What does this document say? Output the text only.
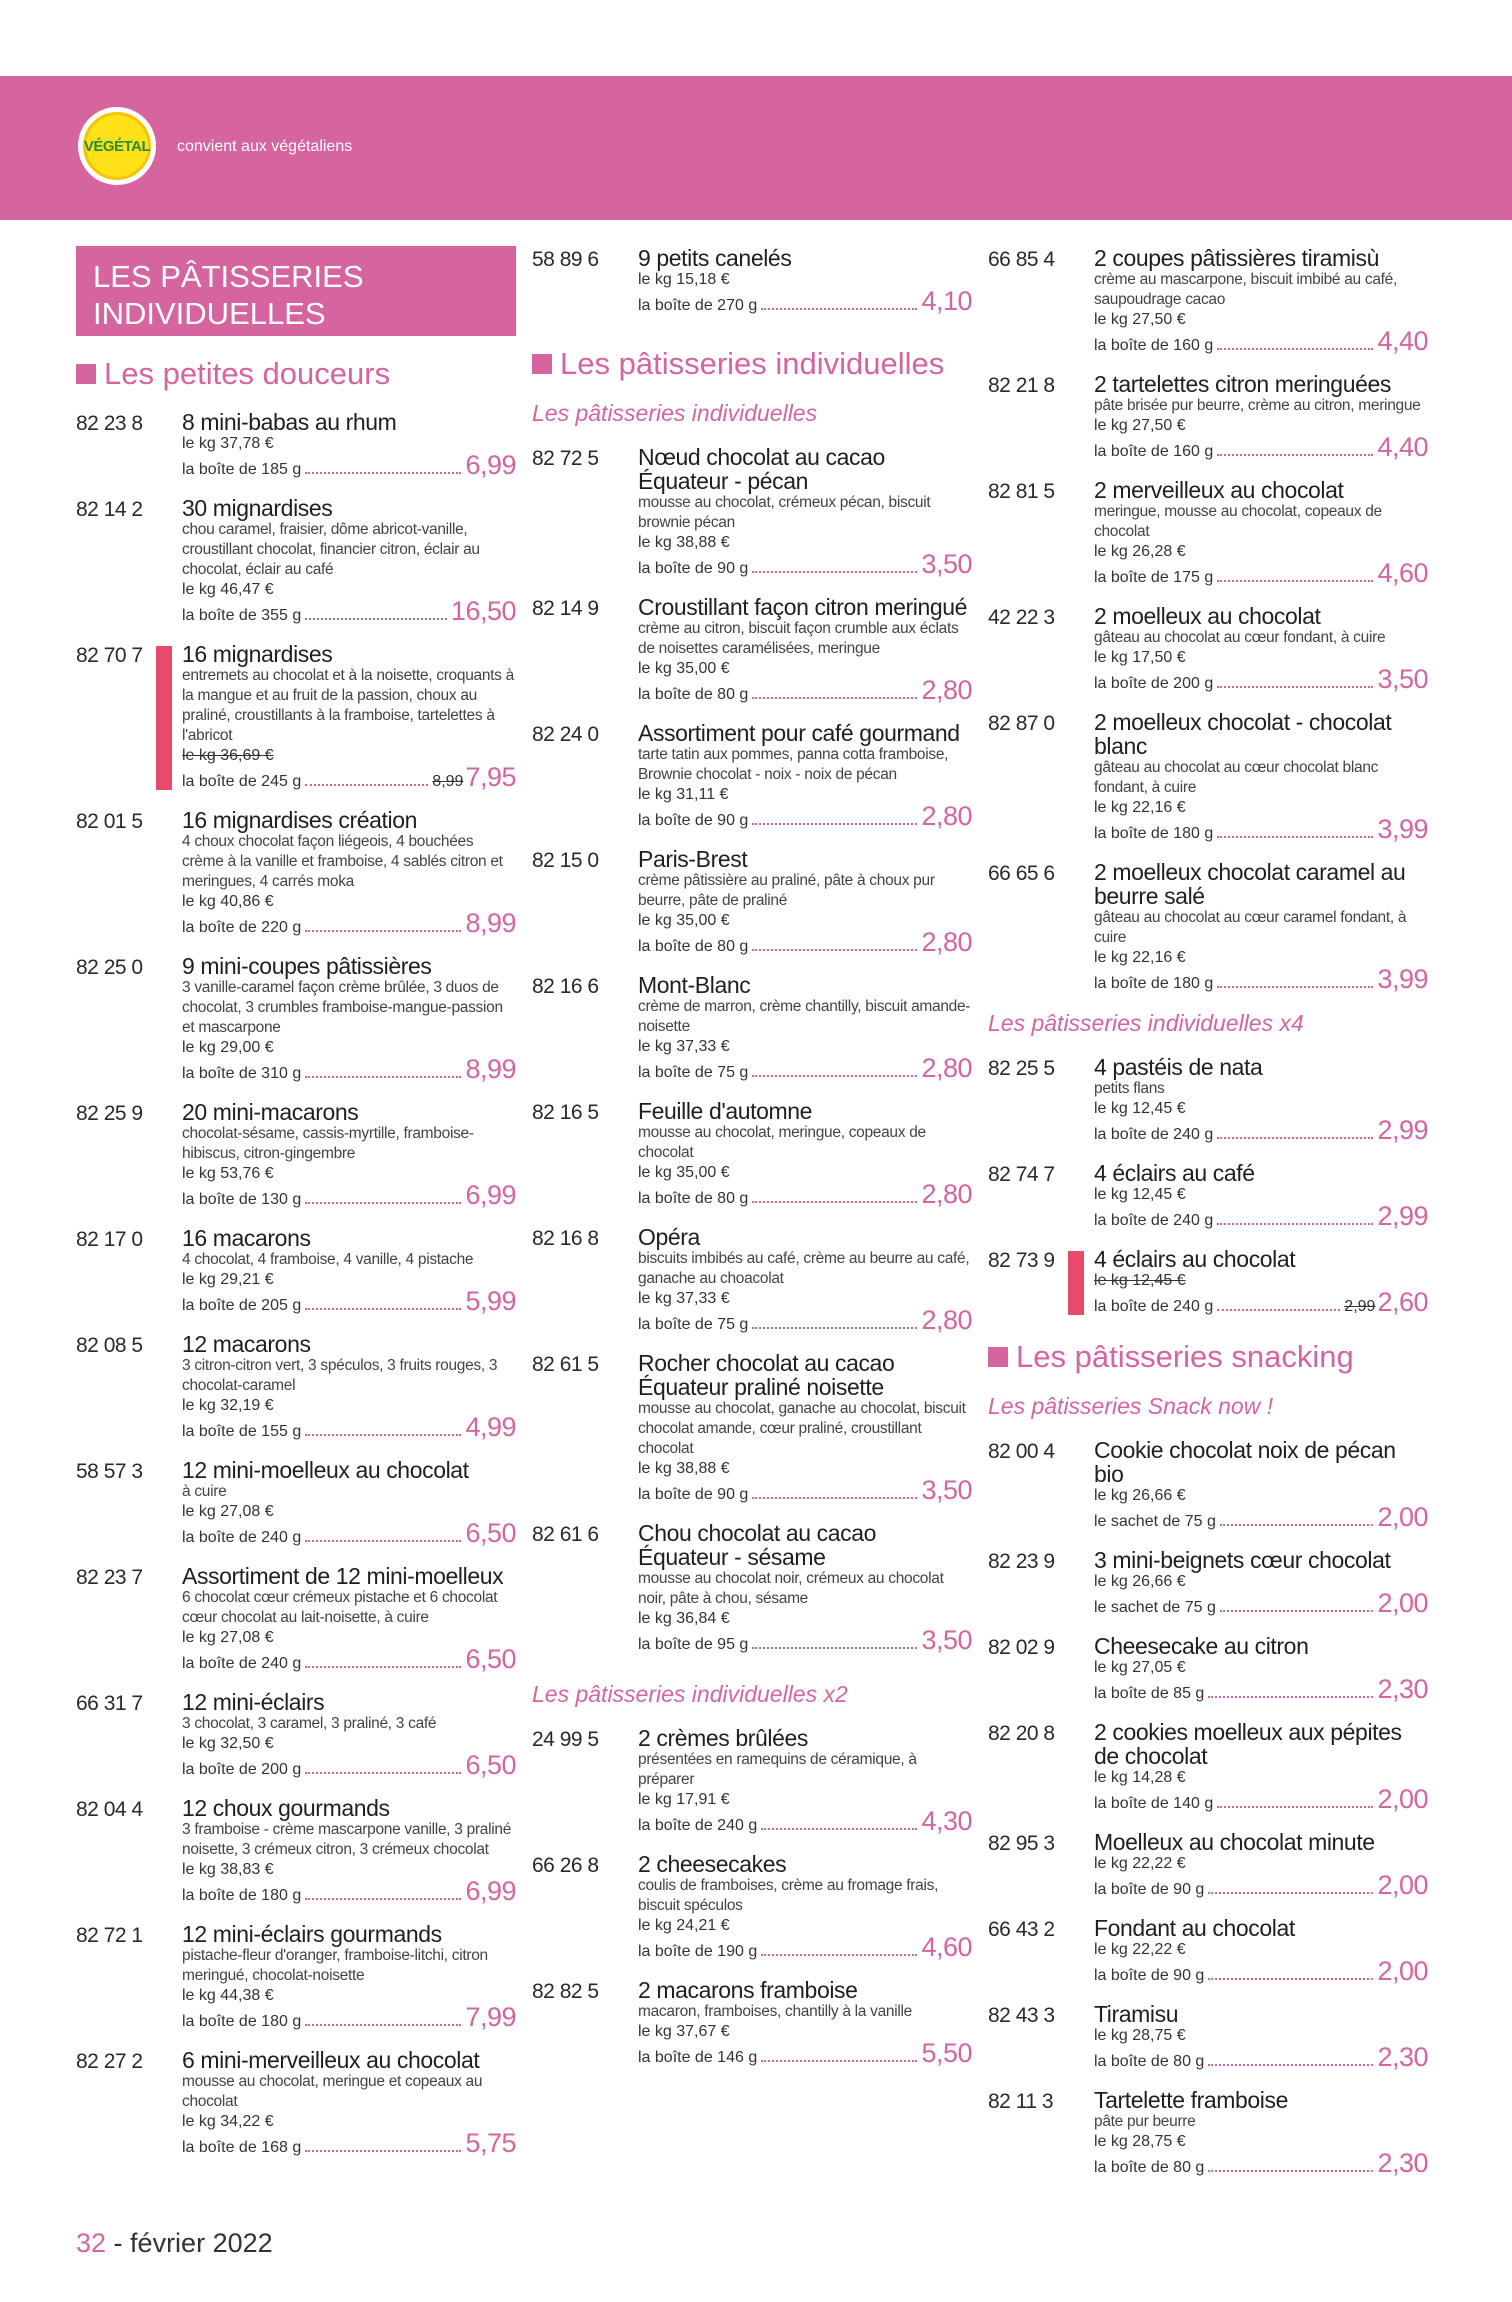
VÉGÉTAL convient aux végétaliens
LES PÂTISSERIES
INDIVIDUELLES
Les petites douceurs
82 23 8	8 mini-babas au rhum
le kg 37,78 €
la boîte de 185 g	6,99
82 14 2	30 mignardises
chou caramel, fraisier, dôme abricot-vanille, croustillant chocolat, financier citron, éclair au chocolat, éclair au café
le kg 46,47 €
la boîte de 355 g	16,50
82 70 7	16 mignardises
entremets au chocolat et à la noisette, croquants à la mangue et au fruit de la passion, choux au praliné, croustillants à la framboise, tartelettes à l'abricot
le kg 36,69 €
la boîte de 245 g	8,99 7,95
82 01 5	16 mignardises création
4 choux chocolat façon liégeois, 4 bouchées crème à la vanille et framboise, 4 sablés citron et meringues, 4 carrés moka
le kg 40,86 €
la boîte de 220 g	8,99
82 25 0	9 mini-coupes pâtissières
3 vanille-caramel façon crème brûlée, 3 duos de chocolat, 3 crumbles framboise-mangue-passion et mascarpone
le kg 29,00 €
la boîte de 310 g	8,99
82 25 9	20 mini-macarons
chocolat-sésame, cassis-myrtille, framboise-hibiscus, citron-gingembre
le kg 53,76 €
la boîte de 130 g	6,99
82 17 0	16 macarons
4 chocolat, 4 framboise, 4 vanille, 4 pistache
le kg 29,21 €
la boîte de 205 g	5,99
82 08 5	12 macarons
3 citron-citron vert, 3 spéculos, 3 fruits rouges, 3 chocolat-caramel
le kg 32,19 €
la boîte de 155 g	4,99
58 57 3	12 mini-moelleux au chocolat
à cuire
le kg 27,08 €
la boîte de 240 g	6,50
82 23 7	Assortiment de 12 mini-moelleux
6 chocolat cœur crémeux pistache et 6 chocolat cœur chocolat au lait-noisette, à cuire
le kg 27,08 €
la boîte de 240 g	6,50
66 31 7	12 mini-éclairs
3 chocolat, 3 caramel, 3 praliné, 3 café
le kg 32,50 €
la boîte de 200 g	6,50
82 04 4	12 choux gourmands
3 framboise - crème mascarpone vanille, 3 praliné noisette, 3 crémeux citron, 3 crémeux chocolat
le kg 38,83 €
la boîte de 180 g	6,99
82 72 1	12 mini-éclairs gourmands
pistache-fleur d'oranger, framboise-litchi, citron meringué, chocolat-noisette
le kg 44,38 €
la boîte de 180 g	7,99
82 27 2	6 mini-merveilleux au chocolat
mousse au chocolat, meringue et copeaux au chocolat
le kg 34,22 €
la boîte de 168 g	5,75
58 89 6	9 petits canelés
le kg 15,18 €
la boîte de 270 g	4,10
Les pâtisseries individuelles
Les pâtisseries individuelles
82 72 5	Nœud chocolat au cacao Équateur - pécan
mousse au chocolat, crémeux pécan, biscuit brownie pécan
le kg 38,88 €
la boîte de 90 g	3,50
82 14 9	Croustillant façon citron meringué
crème au citron, biscuit façon crumble aux éclats de noisettes caramélisées, meringue
le kg 35,00 €
la boîte de 80 g	2,80
82 24 0	Assortiment pour café gourmand
tarte tatin aux pommes, panna cotta framboise, Brownie chocolat - noix - noix de pécan
le kg 31,11 €
la boîte de 90 g	2,80
82 15 0	Paris-Brest
crème pâtissière au praliné, pâte à choux pur beurre, pâte de praliné
le kg 35,00 €
la boîte de 80 g	2,80
82 16 6	Mont-Blanc
crème de marron, crème chantilly, biscuit amande-noisette
le kg 37,33 €
la boîte de 75 g	2,80
82 16 5	Feuille d'automne
mousse au chocolat, meringue, copeaux de chocolat
le kg 35,00 €
la boîte de 80 g	2,80
82 16 8	Opéra
biscuits imbibés au café, crème au beurre au café, ganache au choacolat
le kg 37,33 €
la boîte de 75 g	2,80
82 61 5	Rocher chocolat au cacao Équateur praliné noisette
mousse au chocolat, ganache au chocolat, biscuit chocolat amande, cœur praliné, croustillant chocolat
le kg 38,88 €
la boîte de 90 g	3,50
82 61 6	Chou chocolat au cacao Équateur - sésame
mousse au chocolat noir, crémeux au chocolat noir, pâte à chou, sésame
le kg 36,84 €
la boîte de 95 g	3,50
Les pâtisseries individuelles x2
24 99 5	2 crèmes brûlées
présentées en ramequins de céramique, à préparer
le kg 17,91 €
la boîte de 240 g	4,30
66 26 8	2 cheesecakes
coulis de framboises, crème au fromage frais, biscuit spéculos
le kg 24,21 €
la boîte de 190 g	4,60
82 82 5	2 macarons framboise
macaron, framboises, chantilly à la vanille
le kg 37,67 €
la boîte de 146 g	5,50
66 85 4	2 coupes pâtissières tiramisù
crème au mascarpone, biscuit imbibé au café, saupoudrage cacao
le kg 27,50 €
la boîte de 160 g	4,40
82 21 8	2 tartelettes citron meringuées
pâte brisée pur beurre, crème au citron, meringue
le kg 27,50 €
la boîte de 160 g	4,40
82 81 5	2 merveilleux au chocolat
meringue, mousse au chocolat, copeaux de chocolat
le kg 26,28 €
la boîte de 175 g	4,60
42 22 3	2 moelleux au chocolat
gâteau au chocolat au cœur fondant, à cuire
le kg 17,50 €
la boîte de 200 g	3,50
82 87 0	2 moelleux chocolat - chocolat blanc
gâteau au chocolat au cœur chocolat blanc fondant, à cuire
le kg 22,16 €
la boîte de 180 g	3,99
66 65 6	2 moelleux chocolat caramel au beurre salé
gâteau au chocolat au cœur caramel fondant, à cuire
le kg 22,16 €
la boîte de 180 g	3,99
Les pâtisseries individuelles x4
82 25 5	4 pastéis de nata
petits flans
le kg 12,45 €
la boîte de 240 g	2,99
82 74 7	4 éclairs au café
le kg 12,45 €
la boîte de 240 g	2,99
82 73 9	4 éclairs au chocolat
le kg 12,45 €
la boîte de 240 g	2,99 2,60
Les pâtisseries snacking
Les pâtisseries Snack now !
82 00 4	Cookie chocolat noix de pécan bio
le kg 26,66 €
le sachet de 75 g	2,00
82 23 9	3 mini-beignets cœur chocolat
le kg 26,66 €
le sachet de 75 g	2,00
82 02 9	Cheesecake au citron
le kg 27,05 €
la boîte de 85 g	2,30
82 20 8	2 cookies moelleux aux pépites de chocolat
le kg 14,28 €
la boîte de 140 g	2,00
82 95 3	Moelleux au chocolat minute
le kg 22,22 €
la boîte de 90 g	2,00
66 43 2	Fondant au chocolat
le kg 22,22 €
la boîte de 90 g	2,00
82 43 3	Tiramisu
le kg 28,75 €
la boîte de 80 g	2,30
82 11 3	Tartelette framboise
pâte pur beurre
le kg 28,75 €
la boîte de 80 g	2,30
32 - février 2022
